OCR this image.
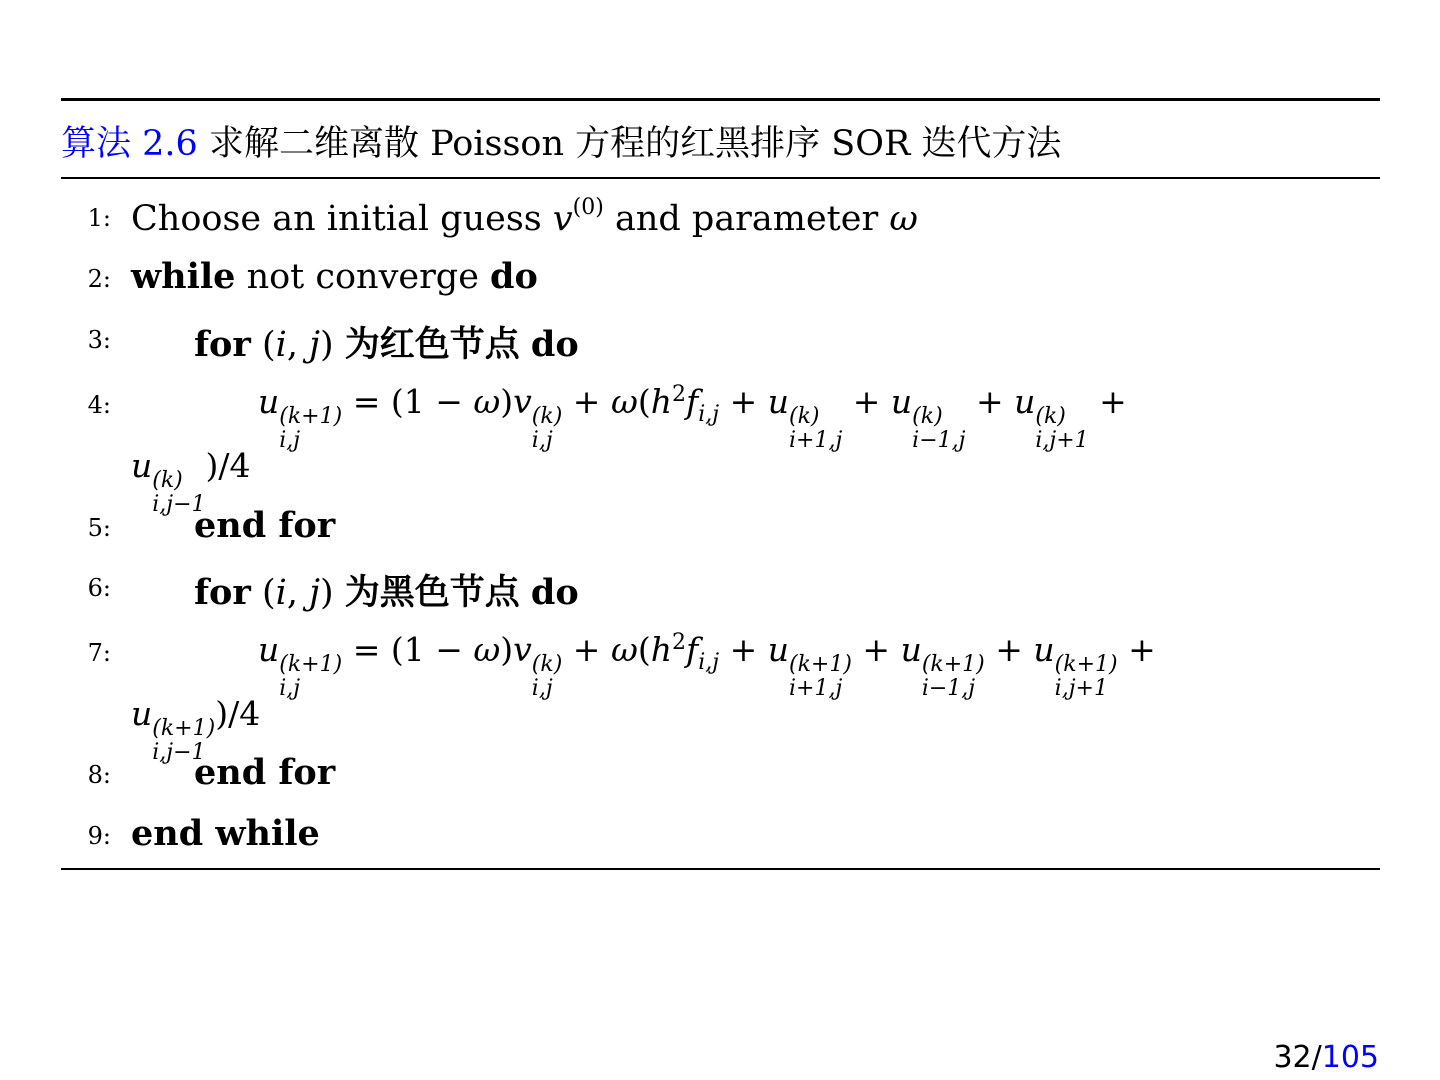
算法 2.6 求解二维离散 Poisson 方程的红黑排序 SOR 迭代方法
1: Choose an initial guess $v^{(0)}$ and parameter ω
2: while not converge do
3: for (i, j) 为红色节点 do
4:	u (k+1)
i,j
= (1 − ω)v (k)
i,j
+ $\omega(h^2f_{i,j} + u$ (k)
i+1,j
+ u (k)
i−1,j
+ u (k)
i,j+1
+
u (k)
i,j−1
)/4
5: end for
6: for (i, j) 为黑色节点 do
7:	u (k+1)
i,j
= (1 − ω)v (k)
i,j
+ $\omega(h^2f_{i,j} + u$ (k+1)
i+1,j
+ u (k+1)
i−1,j
+ u (k+1)
i,j+1
+
u (k+1)
i,j−1
)/4
8: end for
9: end while
32/105
